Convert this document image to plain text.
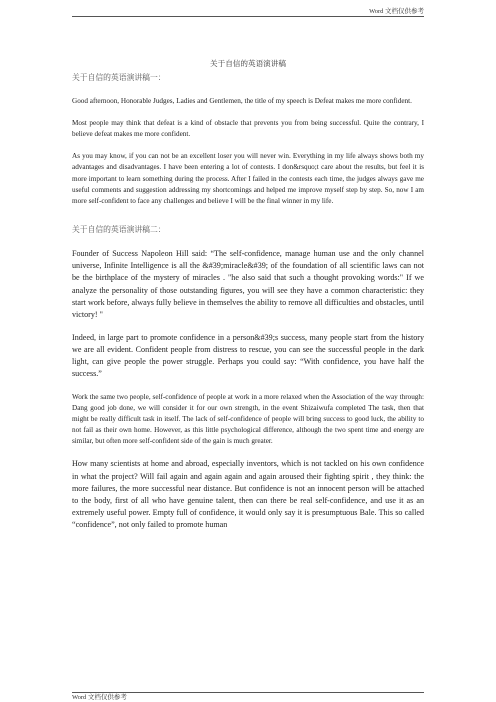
Word 文档仅供参考
关于自信的英语演讲稿
关于自信的英语演讲稿一：

Good afternoon, Honorable Judges, Ladies and Gentlemen, the title of my speech is Defeat makes me more confident.

Most people may think that defeat is a kind of obstacle that prevents you from being successful. Quite the contrary, I believe defeat makes me more confident.

As you may know, if you can not be an excellent loser you will never win. Everything in my life always shows both my advantages and disadvantages. I have been entering a lot of contests. I don&rsquo;t care about the results, but feel it is more important to learn something during the process. After I failed in the contests each time, the judges always gave me useful comments and suggestion addressing my shortcomings and helped me improve myself step by step. So, now I am more self-confident to face any challenges and believe I will be the final winner in my life.

关于自信的英语演讲稿二：

Founder of Success Napoleon Hill said: “The self-confidence, manage human use and the only channel universe, Infinite Intelligence is all the &#39;miracle&#39; of the foundation of all scientific laws can not be the birthplace of the mystery of miracles . "he also said that such a thought provoking words:" If we analyze the personality of those outstanding figures, you will see they have a common characteristic: they start work before, always fully believe in themselves the ability to remove all difficulties and obstacles, until victory! "

Indeed, in large part to promote confidence in a person&#39;s success, many people start from the history we are all evident. Confident people from distress to rescue, you can see the successful people in the dark light, can give people the power struggle. Perhaps you could say: “With confidence, you have half the success.”

Work the same two people, self-confidence of people at work in a more relaxed when the Association of the way through: Dang good job done, we will consider it for our own strength, in the event Shizaiwufa completed The task, then that might be really difficult task in itself. The lack of self-confidence of people will bring success to good luck, the ability to not fail as their own home. However, as this little psychological difference, although the two spent time and energy are similar, but often more self-confident side of the gain is much greater.

How many scientists at home and abroad, especially inventors, which is not tackled on his own confidence in what the project? Will fail again and again again and again aroused their fighting spirit , they think: the more failures, the more successful near distance. But confidence is not an innocent person will be attached to the body, first of all who have genuine talent, then can there be real self-confidence, and use it as an extremely useful power. Empty full of confidence, it would only say it is presumptuous Bale. This so called “confidence”, not only failed to promote human

Word 文档仅供参考
